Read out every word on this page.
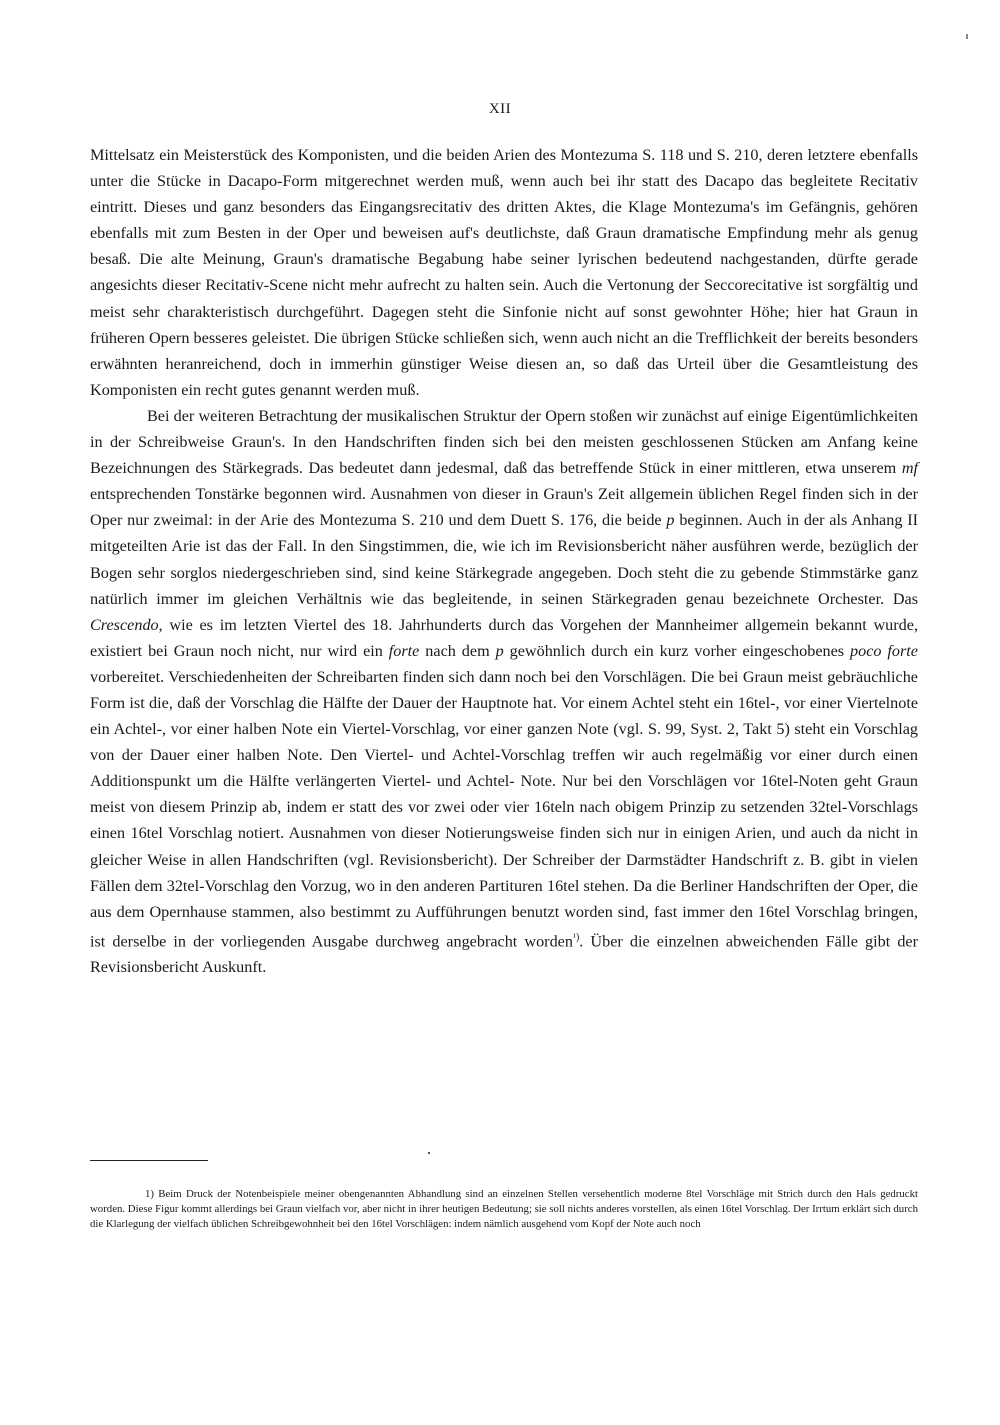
XII

Mittelsatz ein Meisterstück des Komponisten, und die beiden Arien des Montezuma S. 118 und S. 210, deren letztere ebenfalls unter die Stücke in Dacapo-Form mitgerechnet werden muß, wenn auch bei ihr statt des Dacapo das begleitete Recitativ eintritt. Dieses und ganz besonders das Eingangsrecitativ des dritten Aktes, die Klage Montezuma's im Gefängnis, gehören ebenfalls mit zum Besten in der Oper und beweisen auf's deutlichste, daß Graun dramatische Empfindung mehr als genug besaß. Die alte Meinung, Graun's dramatische Begabung habe seiner lyrischen bedeutend nachgestanden, dürfte gerade angesichts dieser Recitativ-Scene nicht mehr aufrecht zu halten sein. Auch die Vertonung der Seccorecitative ist sorgfältig und meist sehr charakteristisch durchgeführt. Dagegen steht die Sinfonie nicht auf sonst gewohnter Höhe; hier hat Graun in früheren Opern besseres geleistet. Die übrigen Stücke schließen sich, wenn auch nicht an die Trefflichkeit der bereits besonders erwähnten heranreichend, doch in immerhin günstiger Weise diesen an, so daß das Urteil über die Gesamtleistung des Komponisten ein recht gutes genannt werden muß.

Bei der weiteren Betrachtung der musikalischen Struktur der Opern stoßen wir zunächst auf einige Eigentümlichkeiten in der Schreibweise Graun's. In den Handschriften finden sich bei den meisten geschlossenen Stücken am Anfang keine Bezeichnungen des Stärkegrads. Das bedeutet dann jedesmal, daß das betreffende Stück in einer mittleren, etwa unserem mf entsprechenden Tonstärke begonnen wird. Ausnahmen von dieser in Graun's Zeit allgemein üblichen Regel finden sich in der Oper nur zweimal: in der Arie des Montezuma S. 210 und dem Duett S. 176, die beide p beginnen. Auch in der als Anhang II mitgeteilten Arie ist das der Fall. In den Singstimmen, die, wie ich im Revisionsbericht näher ausführen werde, bezüglich der Bogen sehr sorglos niedergeschrieben sind, sind keine Stärkegrade angegeben. Doch steht die zu gebende Stimmstärke ganz natürlich immer im gleichen Verhältnis wie das begleitende, in seinen Stärkegraden genau bezeichnete Orchester. Das Crescendo, wie es im letzten Viertel des 18. Jahrhunderts durch das Vorgehen der Mannheimer allgemein bekannt wurde, existiert bei Graun noch nicht, nur wird ein forte nach dem p gewöhnlich durch ein kurz vorher eingeschobenes poco forte vorbereitet. Verschiedenheiten der Schreibarten finden sich dann noch bei den Vorschlägen. Die bei Graun meist gebräuchliche Form ist die, daß der Vorschlag die Hälfte der Dauer der Hauptnote hat. Vor einem Achtel steht ein 16tel-, vor einer Viertelnote ein Achtel-, vor einer halben Note ein Viertel-Vorschlag, vor einer ganzen Note (vgl. S. 99, Syst. 2, Takt 5) steht ein Vorschlag von der Dauer einer halben Note. Den Viertel- und Achtel-Vorschlag treffen wir auch regelmäßig vor einer durch einen Additionspunkt um die Hälfte verlängerten Viertel- und Achtel- Note. Nur bei den Vorschlägen vor 16tel-Noten geht Graun meist von diesem Prinzip ab, indem er statt des vor zwei oder vier 16teln nach obigem Prinzip zu setzenden 32tel-Vorschlags einen 16tel Vorschlag notiert. Ausnahmen von dieser Notierungsweise finden sich nur in einigen Arien, und auch da nicht in gleicher Weise in allen Handschriften (vgl. Revisionsbericht). Der Schreiber der Darmstädter Handschrift z. B. gibt in vielen Fällen dem 32tel-Vorschlag den Vorzug, wo in den anderen Partituren 16tel stehen. Da die Berliner Handschriften der Oper, die aus dem Opernhause stammen, also bestimmt zu Aufführungen benutzt worden sind, fast immer den 16tel Vorschlag bringen, ist derselbe in der vorliegenden Ausgabe durchweg angebracht worden$^{^1)}$. Über die einzelnen abweichenden Fälle gibt der Revisionsbericht Auskunft.

1) Beim Druck der Notenbeispiele meiner obengenannten Abhandlung sind an einzelnen Stellen versehentlich moderne 8tel Vorschläge mit Strich durch den Hals gedruckt worden. Diese Figur kommt allerdings bei Graun vielfach vor, aber nicht in ihrer heutigen Bedeutung; sie soll nichts anderes vorstellen, als einen 16tel Vorschlag. Der Irrtum erklärt sich durch die Klarlegung der vielfach üblichen Schreibgewohnheit bei den 16tel Vorschlägen: indem nämlich ausgehend vom Kopf der Note auch noch
